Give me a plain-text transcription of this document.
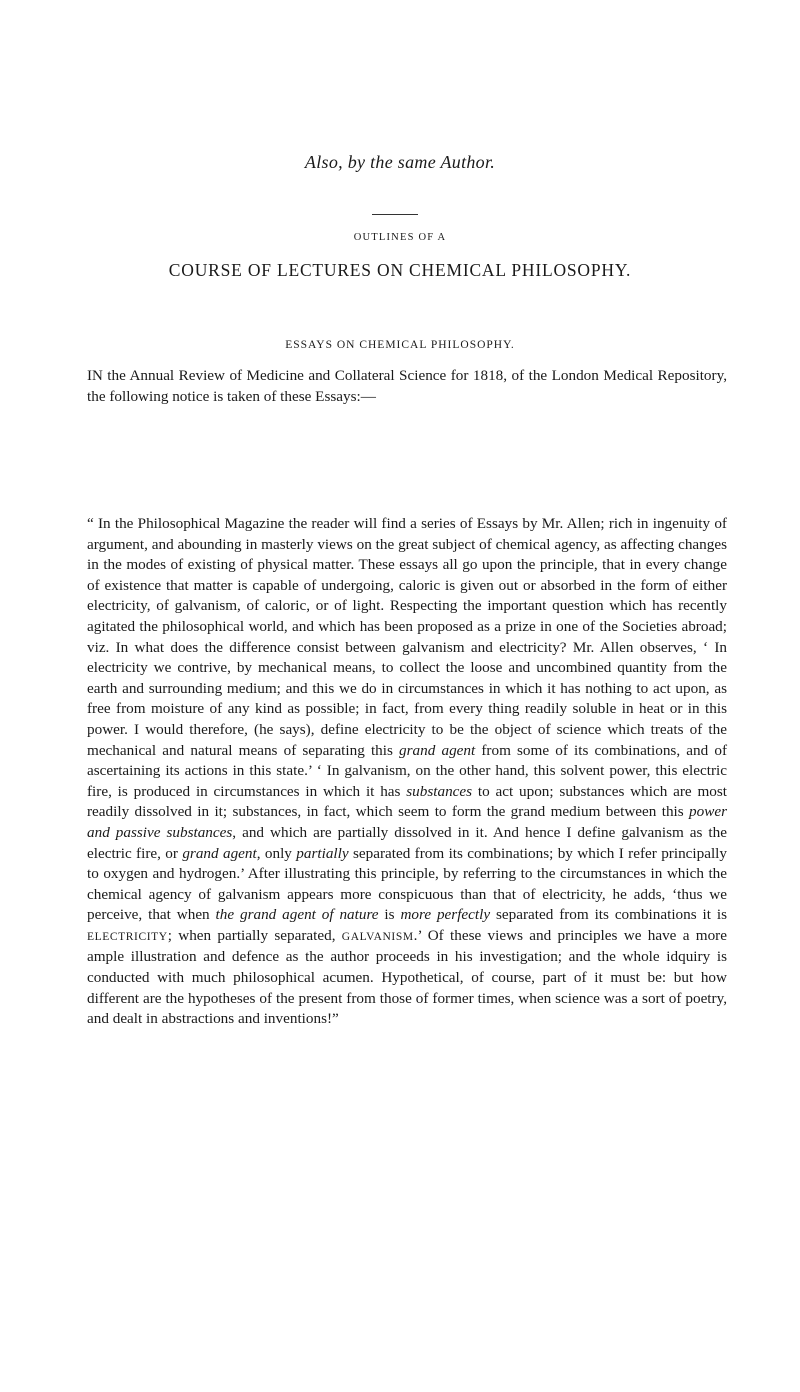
Also, by the same Author.
OUTLINES OF A
COURSE OF LECTURES ON CHEMICAL PHILOSOPHY.
ESSAYS ON CHEMICAL PHILOSOPHY.

IN the Annual Review of Medicine and Collateral Science for 1818, of the London Medical Repository, the following notice is taken of these Essays:—

“ In the Philosophical Magazine the reader will find a series of Essays by Mr. Allen; rich in ingenuity of argument, and abounding in masterly views on the great subject of chemical agency, as affecting changes in the modes of existing of physical matter. These essays all go upon the principle, that in every change of existence that matter is capable of undergoing, caloric is given out or absorbed in the form of either electricity, of galvanism, of caloric, or of light. Respecting the important question which has recently agitated the philosophical world, and which has been proposed as a prize in one of the Societies abroad; viz. In what does the difference consist between galvanism and electricity? Mr. Allen observes, ‘ In electricity we contrive, by mechanical means, to collect the loose and uncombined quantity from the earth and surrounding medium; and this we do in circumstances in which it has nothing to act upon, as free from moisture of any kind as possible; in fact, from every thing readily soluble in heat or in this power. I would therefore, (he says), define electricity to be the object of science which treats of the mechanical and natural means of separating this grand agent from some of its combinations, and of ascertaining its actions in this state.’ ‘ In galvanism, on the other hand, this solvent power, this electric fire, is produced in circumstances in which it has substances to act upon; substances which are most readily dissolved in it; substances, in fact, which seem to form the grand medium between this power and passive substances, and which are partially dissolved in it. And hence I define galvanism as the electric fire, or grand agent, only partially separated from its combinations; by which I refer principally to oxygen and hydrogen.’ After illustrating this principle, by referring to the circumstances in which the chemical agency of galvanism appears more conspicuous than that of electricity, he adds, ‘thus we perceive, that when the grand agent of nature is more perfectly separated from its combinations it is ELECTRICITY; when partially separated, GALVANISM.’ Of these views and principles we have a more ample illustration and defence as the author proceeds in his investigation; and the whole idquiry is conducted with much philosophical acumen. Hypothetical, of course, part of it must be: but how different are the hypotheses of the present from those of former times, when science was a sort of poetry, and dealt in abstractions and inventions!”
